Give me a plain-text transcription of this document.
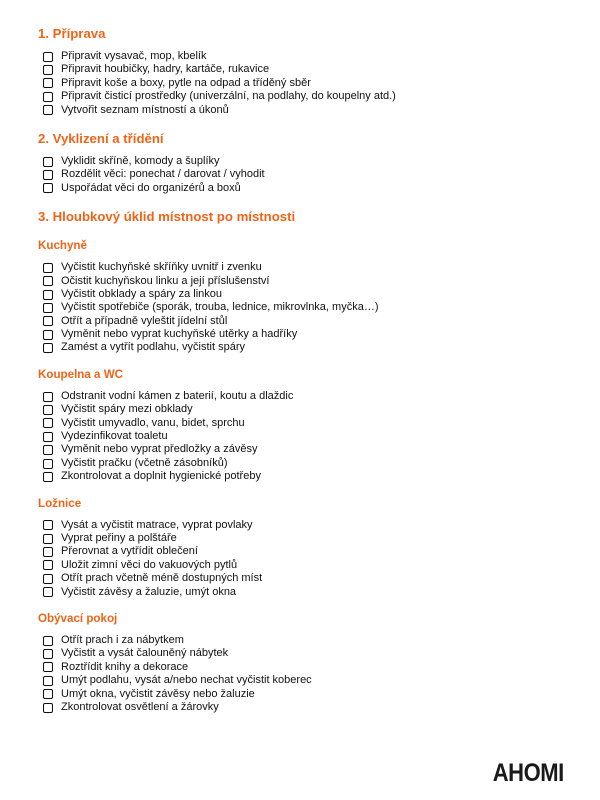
1. Příprava
Připravit vysavač, mop, kbelík
Připravit houbičky, hadry, kartáče, rukavice
Připravit koše a boxy, pytle na odpad a tříděný sběr
Připravit čisticí prostředky (univerzální, na podlahy, do koupelny atd.)
Vytvořit seznam místností a úkonů
2. Vyklizení a třídění
Vyklidit skříně, komody a šuplíky
Rozdělit věci: ponechat / darovat / vyhodit
Uspořádat věci do organizérů a boxů
3. Hloubkový úklid místnost po místnosti
Kuchyně
Vyčistit kuchyňské skříňky uvnitř i zvenku
Očistit kuchyňskou linku a její příslušenství
Vyčistit obklady a spáry za linkou
Vyčistit spotřebiče (sporák, trouba, lednice, mikrovlnka, myčka…)
Otřít a případně vyleštit jídelní stůl
Vyměnit nebo vyprat kuchyňské utěrky a hadříky
Zamést a vytřít podlahu, vyčistit spáry
Koupelna a WC
Odstranit vodní kámen z baterií, koutu a dlaždic
Vyčistit spáry mezi obklady
Vyčistit umyvadlo, vanu, bidet, sprchu
Vydezinfikovat toaletu
Vyměnit nebo vyprat předložky a závěsy
Vyčistit pračku (včetně zásobníků)
Zkontrolovat a doplnit hygienické potřeby
Ložnice
Vysát a vyčistit matrace, vyprat povlaky
Vyprat peřiny a polštáře
Přerovnat a vytřídit oblečení
Uložit zimní věci do vakuových pytlů
Otřít prach včetně méně dostupných míst
Vyčistit závěsy a žaluzie, umýt okna
Obývací pokoj
Otřít prach i za nábytkem
Vyčistit a vysát čalouněný nábytek
Roztřídit knihy a dekorace
Umýt podlahu, vysát a/nebo nechat vyčistit koberec
Umýt okna, vyčistit závěsy nebo žaluzie
Zkontrolovat osvětlení a žárovky
AHOMI
